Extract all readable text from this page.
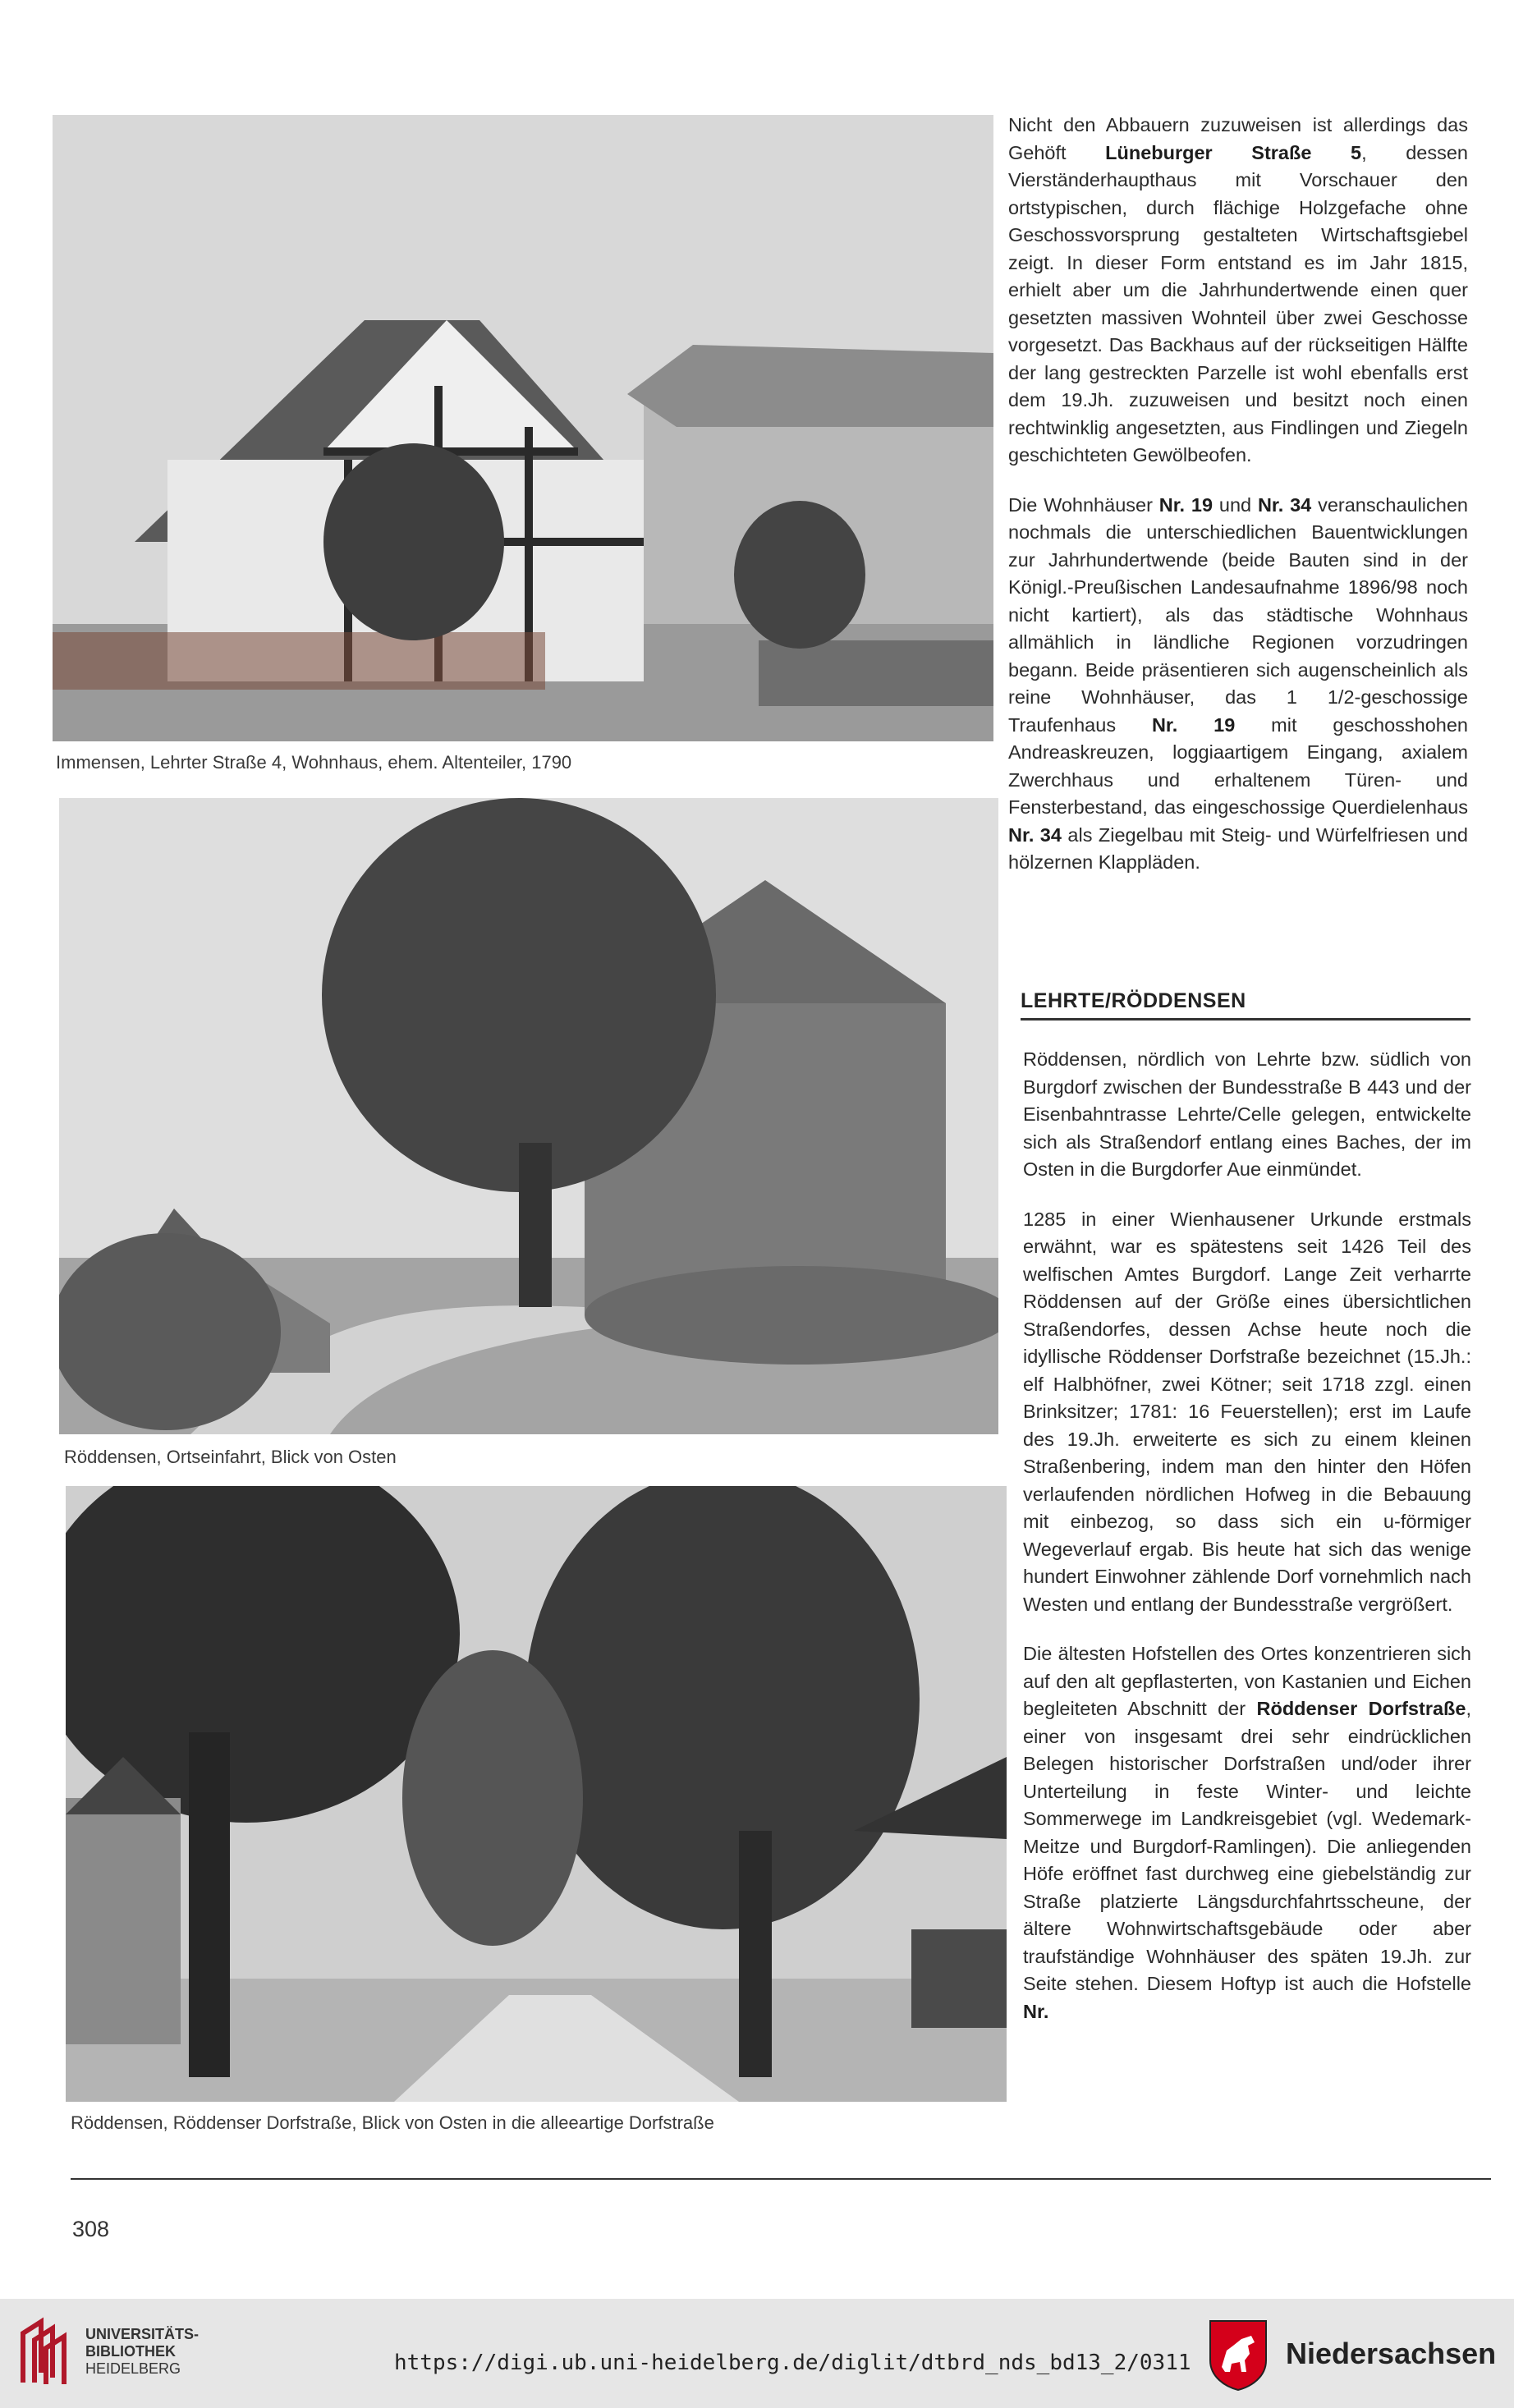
Immensen, Lehrter Straße 4, Wohnhaus, ehem. Altenteiler, 1790
Röddensen, Ortseinfahrt, Blick von Osten
Röddensen, Röddenser Dorfstraße, Blick von Osten in die alleeartige Dorfstraße

Nicht den Abbauern zuzuweisen ist allerdings das Gehöft Lüneburger Straße 5, dessen Vierständerhaupthaus mit Vorschauer den ortstypischen, durch flächige Holzgefache ohne Geschossvorsprung gestalteten Wirtschaftsgiebel zeigt. In dieser Form entstand es im Jahr 1815, erhielt aber um die Jahrhundertwende einen quer gesetzten massiven Wohnteil über zwei Geschosse vorgesetzt. Das Backhaus auf der rückseitigen Hälfte der lang gestreckten Parzelle ist wohl ebenfalls erst dem 19.Jh. zuzuweisen und besitzt noch einen rechtwinklig angesetzten, aus Findlingen und Ziegeln geschichteten Gewölbeofen.

Die Wohnhäuser Nr. 19 und Nr. 34 veranschaulichen nochmals die unterschiedlichen Bauentwicklungen zur Jahrhundertwende (beide Bauten sind in der Königl.-Preußischen Landesaufnahme 1896/98 noch nicht kartiert), als das städtische Wohnhaus allmählich in ländliche Regionen vorzudringen begann. Beide präsentieren sich augenscheinlich als reine Wohnhäuser, das 1 1/2-geschossige Traufenhaus Nr. 19 mit geschosshohen Andreaskreuzen, loggiaartigem Eingang, axialem Zwerchhaus und erhaltenem Türen- und Fensterbestand, das eingeschossige Querdielenhaus Nr. 34 als Ziegelbau mit Steig- und Würfelfriesen und hölzernen Klappläden.

LEHRTE/RÖDDENSEN

Röddensen, nördlich von Lehrte bzw. südlich von Burgdorf zwischen der Bundesstraße B 443 und der Eisenbahntrasse Lehrte/Celle gelegen, entwickelte sich als Straßendorf entlang eines Baches, der im Osten in die Burgdorfer Aue einmündet.

1285 in einer Wienhausener Urkunde erstmals erwähnt, war es spätestens seit 1426 Teil des welfischen Amtes Burgdorf. Lange Zeit verharrte Röddensen auf der Größe eines übersichtlichen Straßendorfes, dessen Achse heute noch die idyllische Röddenser Dorfstraße bezeichnet (15.Jh.: elf Halbhöfner, zwei Kötner; seit 1718 zzgl. einen Brinksitzer; 1781: 16 Feuerstellen); erst im Laufe des 19.Jh. erweiterte es sich zu einem kleinen Straßenbering, indem man den hinter den Höfen verlaufenden nördlichen Hofweg in die Bebauung mit einbezog, so dass sich ein u-förmiger Wegeverlauf ergab. Bis heute hat sich das wenige hundert Einwohner zählende Dorf vornehmlich nach Westen und entlang der Bundesstraße vergrößert.

Die ältesten Hofstellen des Ortes konzentrieren sich auf den alt gepflasterten, von Kastanien und Eichen begleiteten Abschnitt der Röddenser Dorfstraße, einer von insgesamt drei sehr eindrücklichen Belegen historischer Dorfstraßen und/oder ihrer Unterteilung in feste Winter- und leichte Sommerwege im Landkreisgebiet (vgl. Wedemark-Meitze und Burgdorf-Ramlingen). Die anliegenden Höfe eröffnet fast durchweg eine giebelständig zur Straße platzierte Längsdurchfahrtsscheune, der ältere Wohnwirtschaftsgebäude oder aber traufständige Wohnhäuser des späten 19.Jh. zur Seite stehen. Diesem Hoftyp ist auch die Hofstelle Nr.

308
UNIVERSITÄTS-
BIBLIOTHEK
HEIDELBERG	https://digi.ub.uni-heidelberg.de/diglit/dtbrd_nds_bd13_2/0311	Niedersachsen
